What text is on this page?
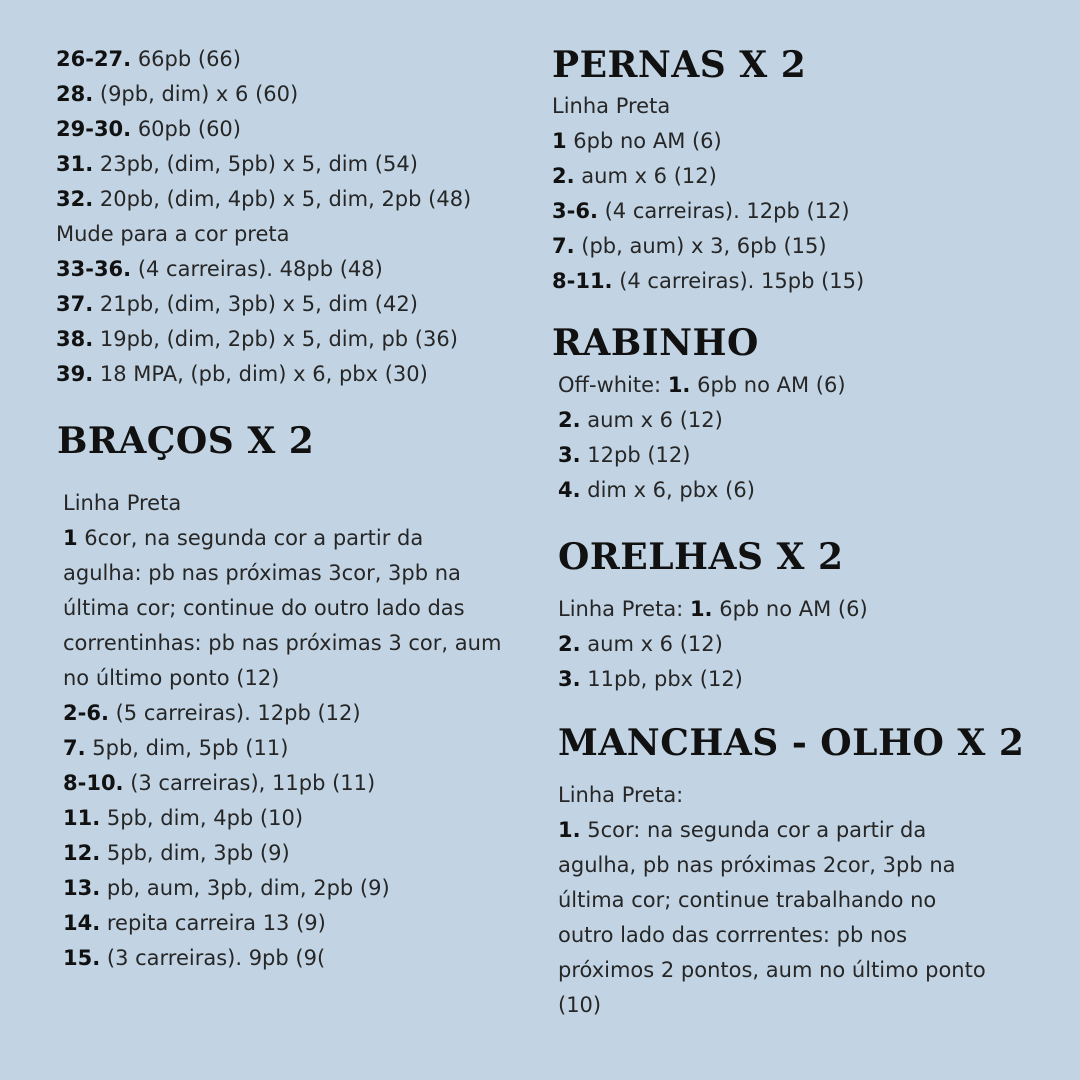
26-27. 66pb (66)
28. (9pb, dim) x 6 (60)
29-30. 60pb (60)
31. 23pb, (dim, 5pb) x 5, dim (54)
32. 20pb, (dim, 4pb) x 5, dim, 2pb (48)
Mude para a cor preta
33-36. (4 carreiras). 48pb (48)
37. 21pb, (dim, 3pb) x 5, dim (42)
38. 19pb, (dim, 2pb) x 5, dim, pb (36)
39. 18 MPA, (pb, dim) x 6, pbx (30)
BRAÇOS X 2
Linha Preta
1 6cor, na segunda cor a partir da agulha: pb nas próximas 3cor, 3pb na última cor; continue do outro lado das correntinhas: pb nas próximas 3 cor, aum no último ponto (12)
2-6. (5 carreiras). 12pb (12)
7. 5pb, dim, 5pb (11)
8-10. (3 carreiras), 11pb (11)
11. 5pb, dim, 4pb (10)
12. 5pb, dim, 3pb (9)
13. pb, aum, 3pb, dim, 2pb (9)
14. repita carreira 13 (9)
15. (3 carreiras). 9pb (9(
PERNAS X 2
Linha Preta
1 6pb no AM (6)
2. aum x 6 (12)
3-6. (4 carreiras). 12pb (12)
7. (pb, aum) x 3, 6pb (15)
8-11. (4 carreiras). 15pb (15)
RABINHO
Off-white: 1. 6pb no AM (6)
2. aum x 6 (12)
3. 12pb (12)
4. dim x 6, pbx (6)
ORELHAS X 2
Linha Preta: 1. 6pb no AM (6)
2. aum x 6 (12)
3. 11pb, pbx (12)
MANCHAS - OLHO X 2
Linha Preta:
1. 5cor: na segunda cor a partir da agulha, pb nas próximas 2cor, 3pb na última cor; continue trabalhando no outro lado das corrrentes: pb nos próximos 2 pontos, aum no último ponto (10)
